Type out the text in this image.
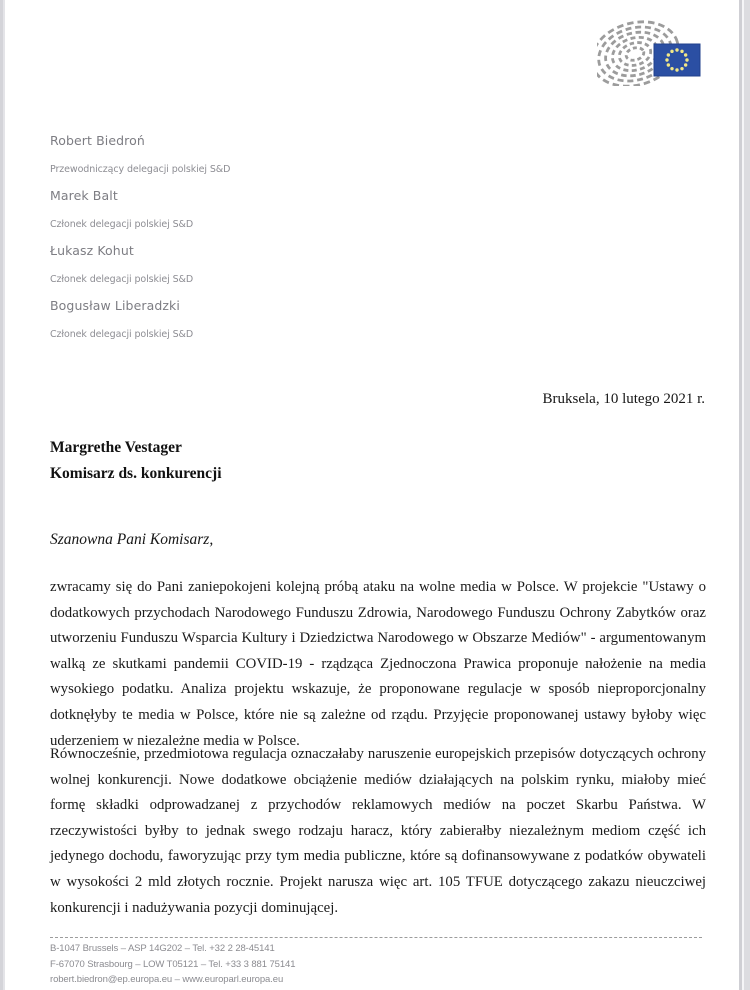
Robert Biedroń
Przewodniczący delegacji polskiej S&D
Marek Balt
Członek delegacji polskiej S&D
Łukasz Kohut
Członek delegacji polskiej S&D
Bogusław Liberadzki
Członek delegacji polskiej S&D
Bruksela, 10 lutego 2021 r.
Margrethe Vestager
Komisarz ds. konkurencji
Szanowna Pani Komisarz,
zwracamy się do Pani zaniepokojeni kolejną próbą ataku na wolne media w Polsce. W projekcie "Ustawy o dodatkowych przychodach Narodowego Funduszu Zdrowia, Narodowego Funduszu Ochrony Zabytków oraz utworzeniu Funduszu Wsparcia Kultury i Dziedzictwa Narodowego w Obszarze Mediów" - argumentowanym walką ze skutkami pandemii COVID-19 - rządząca Zjednoczona Prawica proponuje nałożenie na media wysokiego podatku. Analiza projektu wskazuje, że proponowane regulacje w sposób nieproporcjonalny dotknęłyby te media w Polsce, które nie są zależne od rządu. Przyjęcie proponowanej ustawy byłoby więc uderzeniem w niezależne media w Polsce.
Równocześnie, przedmiotowa regulacja oznaczałaby naruszenie europejskich przepisów dotyczących ochrony wolnej konkurencji. Nowe dodatkowe obciążenie mediów działających na polskim rynku, miałoby mieć formę składki odprowadzanej z przychodów reklamowych mediów na poczet Skarbu Państwa. W rzeczywistości byłby to jednak swego rodzaju haracz, który zabierałby niezależnym mediom część ich jedynego dochodu, faworyzując przy tym media publiczne, które są dofinansowywane z podatków obywateli w wysokości 2 mld złotych rocznie. Projekt narusza więc art. 105 TFUE dotyczącego zakazu nieuczciwej konkurencji i nadużywania pozycji dominującej.
B-1047 Brussels – ASP 14G202 – Tel. +32 2 28-45141
F-67070 Strasbourg – LOW T05121 – Tel. +33 3 881 75141
robert.biedron@ep.europa.eu – www.europarl.europa.eu
